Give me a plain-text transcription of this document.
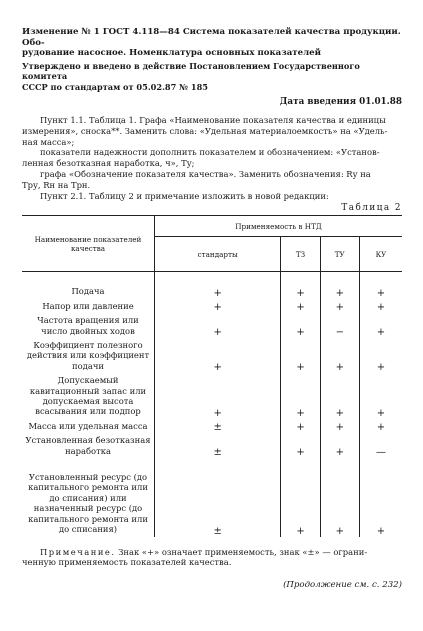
Изменение № 1 ГОСТ 4.118—84 Система показателей качества продукции. Обо-

рудование насосное. Номенклатура основных показателей

Утверждено и введено в действие Постановлением Государственного комитета

СССР по стандартам от 05.02.87 № 185

Дата введения 01.01.88

Пункт 1.1. Таблица 1. Графа «Наименование показателя качества и единицы

измерения», сноска**. Заменить слова: «Удельная материалоемкость» на «Удель-

ная масса»;

показатели надежности дополнить показателем и обозначением: «Установ-

ленная безотказная наработка, ч», Tу;

графа «Обозначение показателя качества». Заменить обозначения: Rу на

Tру, Rн на Tрн.

Пункт 2.1. Таблицу 2 и примечание изложить в новой редакции:

Таблица 2

Наименование показателей качества	Применяемость в НТД			
	стандарты	ТЗ	ТУ	КУ
Подача	+	+	+	+
Напор или давление	+	+	+	+
Частота вращения или число двойных ходов	+	+	−	+
Коэффициент полезного действия или коэффициент подачи	+	+	+	+
Допускаемый кавитационный запас или допускаемая высота всасывания или подпор	+	+	+	+
Масса или удельная масса	±	+	+	+
Установленная безотказная наработка	±	+	+	—
Установленный ресурс (до капитального ремонта или до списания) или назначенный ресурс (до капитального ремонта или до списания)	±	+	+	+
Примечание. Знак «+» означает применяемость, знак «±» — ограни-
ченную применяемость показателей качества.
(Продолжение см. с. 232)
